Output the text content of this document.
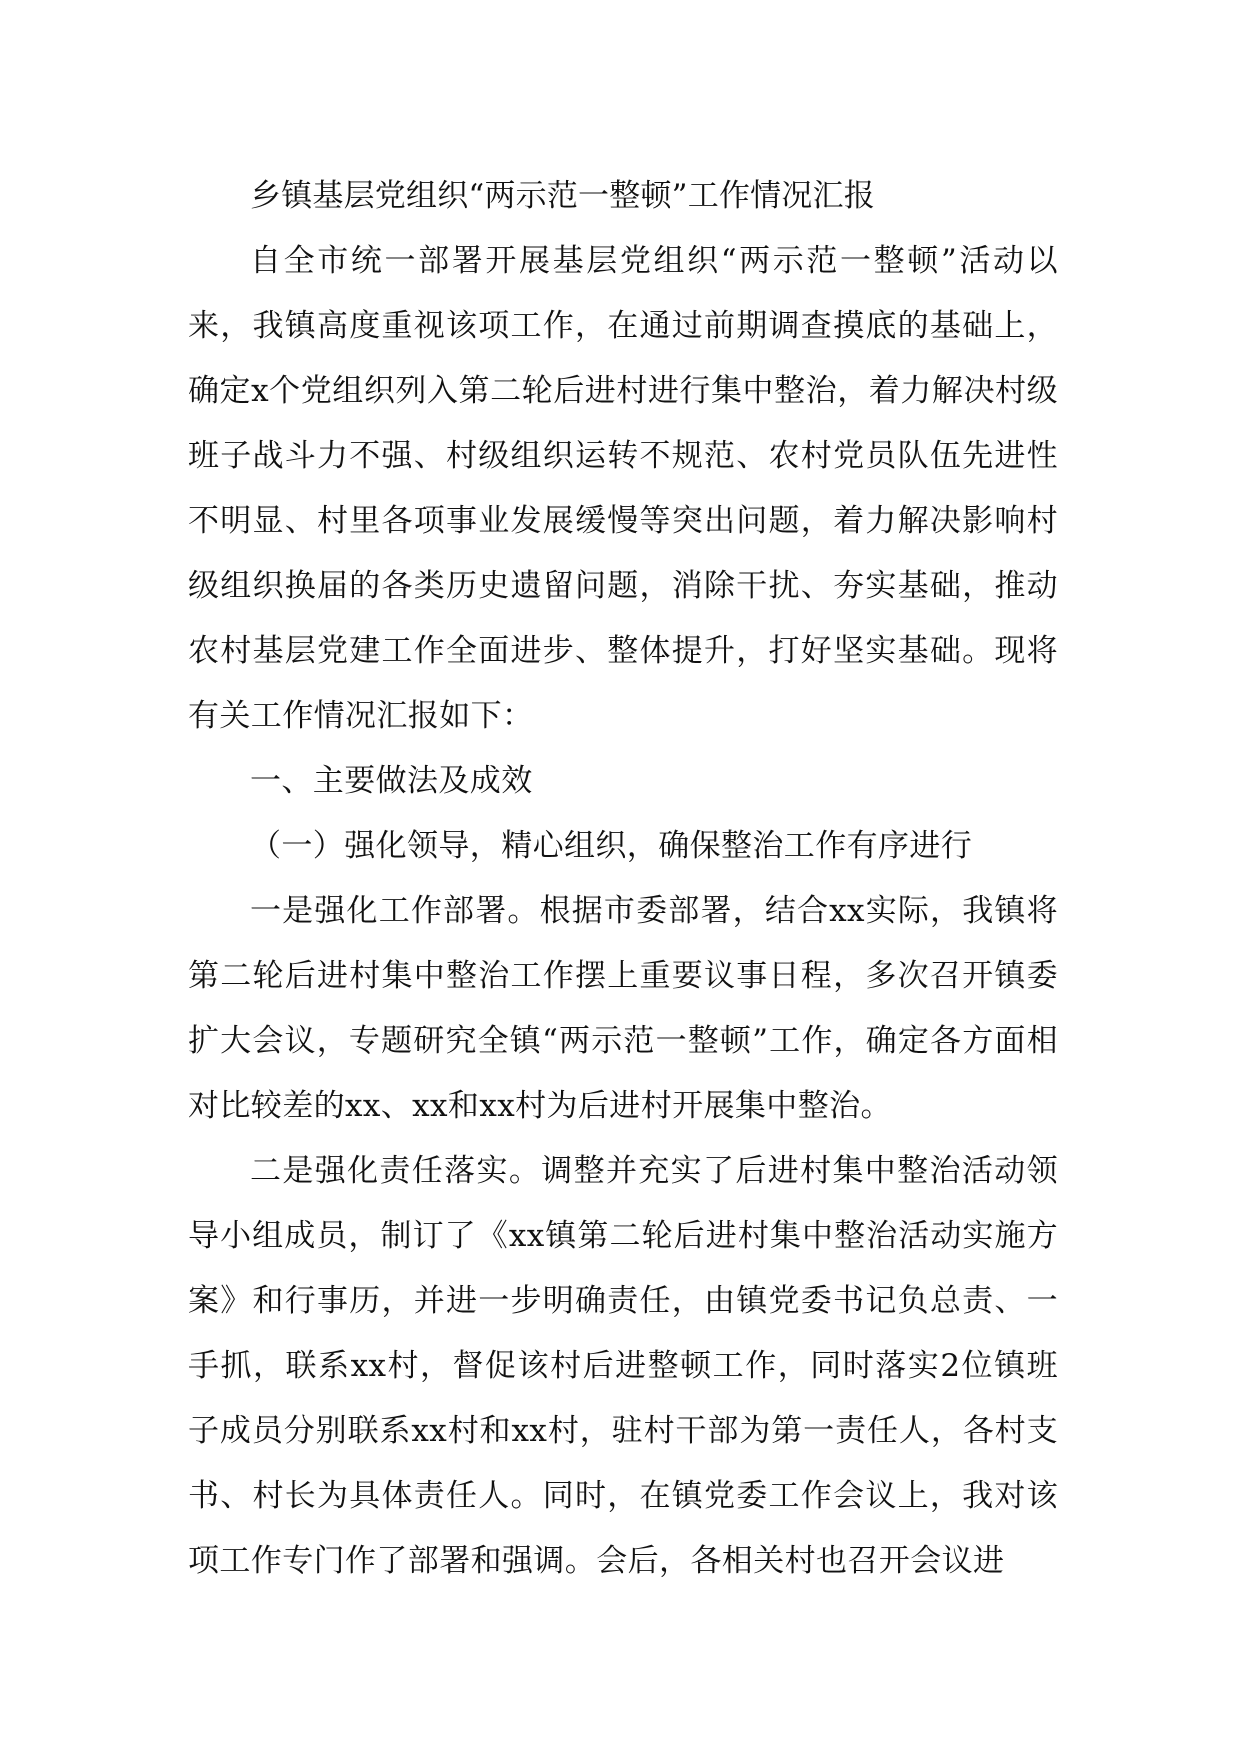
乡镇基层党组织“两示范一整顿”工作情况汇报

自全市统一部署开展基层党组织“两示范一整顿”活动以来，我镇高度重视该项工作，在通过前期调查摸底的基础上，确定x个党组织列入第二轮后进村进行集中整治，着力解决村级班子战斗力不强、村级组织运转不规范、农村党员队伍先进性不明显、村里各项事业发展缓慢等突出问题，着力解决影响村级组织换届的各类历史遗留问题，消除干扰、夯实基础，推动农村基层党建工作全面进步、整体提升，打好坚实基础。现将有关工作情况汇报如下：

一、主要做法及成效

（一）强化领导，精心组织，确保整治工作有序进行

一是强化工作部署。根据市委部署，结合xx实际，我镇将第二轮后进村集中整治工作摆上重要议事日程，多次召开镇委扩大会议，专题研究全镇“两示范一整顿”工作，确定各方面相对比较差的xx、xx和xx村为后进村开展集中整治。

二是强化责任落实。调整并充实了后进村集中整治活动领导小组成员，制订了《xx镇第二轮后进村集中整治活动实施方案》和行事历，并进一步明确责任，由镇党委书记负总责、一手抓，联系xx村，督促该村后进整顿工作，同时落实2位镇班子成员分别联系xx村和xx村，驻村干部为第一责任人，各村支书、村长为具体责任人。同时，在镇党委工作会议上，我对该项工作专门作了部署和强调。会后，各相关村也召开会议进
